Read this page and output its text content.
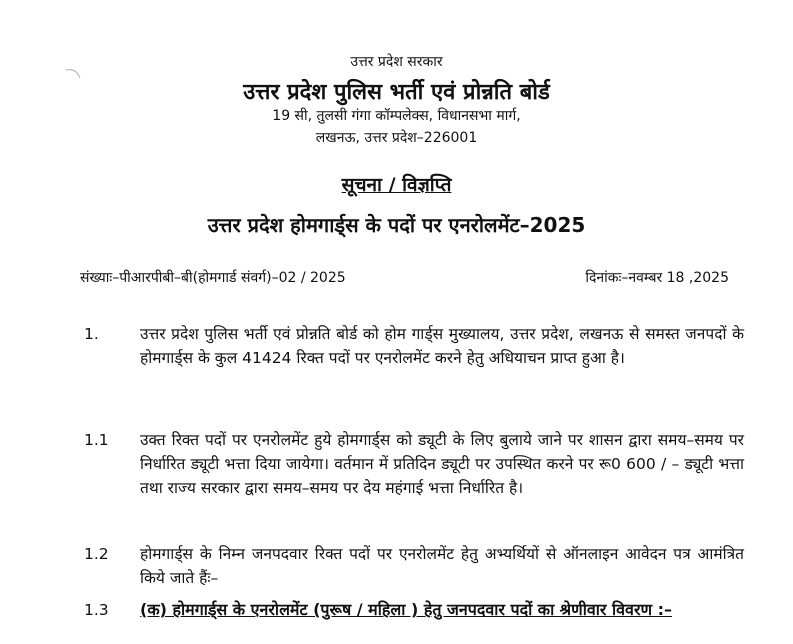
उत्तर प्रदेश सरकार
उत्तर प्रदेश पुलिस भर्ती एवं प्रोन्नति बोर्ड
19 सी, तुलसी गंगा कॉम्पलेक्स, विधानसभा मार्ग,
लखनऊ, उत्तर प्रदेश–226001
सूचना / विज्ञप्ति
उत्तर प्रदेश होमगार्ड्स के पदों पर एनरोलमेंट–2025
संख्याः–पीआरपीबी–बी(होमगार्ड संवर्ग)–02 / 2025	दिनांकः–नवम्बर 18 ,2025
1.	उत्तर प्रदेश पुलिस भर्ती एवं प्रोन्नति बोर्ड को होम गार्ड्स मुख्यालय, उत्तर प्रदेश, लखनऊ से समस्त जनपदों के होमगार्ड्स के कुल 41424 रिक्त पदों पर एनरोलमेंट करने हेतु अधियाचन प्राप्त हुआ है।

1.1	उक्त रिक्त पदों पर एनरोलमेंट हुये होमगार्ड्स को ड्यूटी के लिए बुलाये जाने पर शासन द्वारा समय–समय पर निर्धारित ड्यूटी भत्ता दिया जायेगा। वर्तमान में प्रतिदिन ड्यूटी पर उपस्थित करने पर रू0 600 / – ड्यूटी भत्ता तथा राज्य सरकार द्वारा समय–समय पर देय महंगाई भत्ता निर्धारित है।

1.2	होमगार्ड्स के निम्न जनपदवार रिक्त पदों पर एनरोलमेंट हेतु अभ्यर्थियों से ऑनलाइन आवेदन पत्र आमंत्रित किये जाते हैंः–

1.3	(क) होमगार्ड्स के एनरोलमेंट (पुरूष / महिला ) हेतु जनपदवार पदों का श्रेणीवार विवरण :–
